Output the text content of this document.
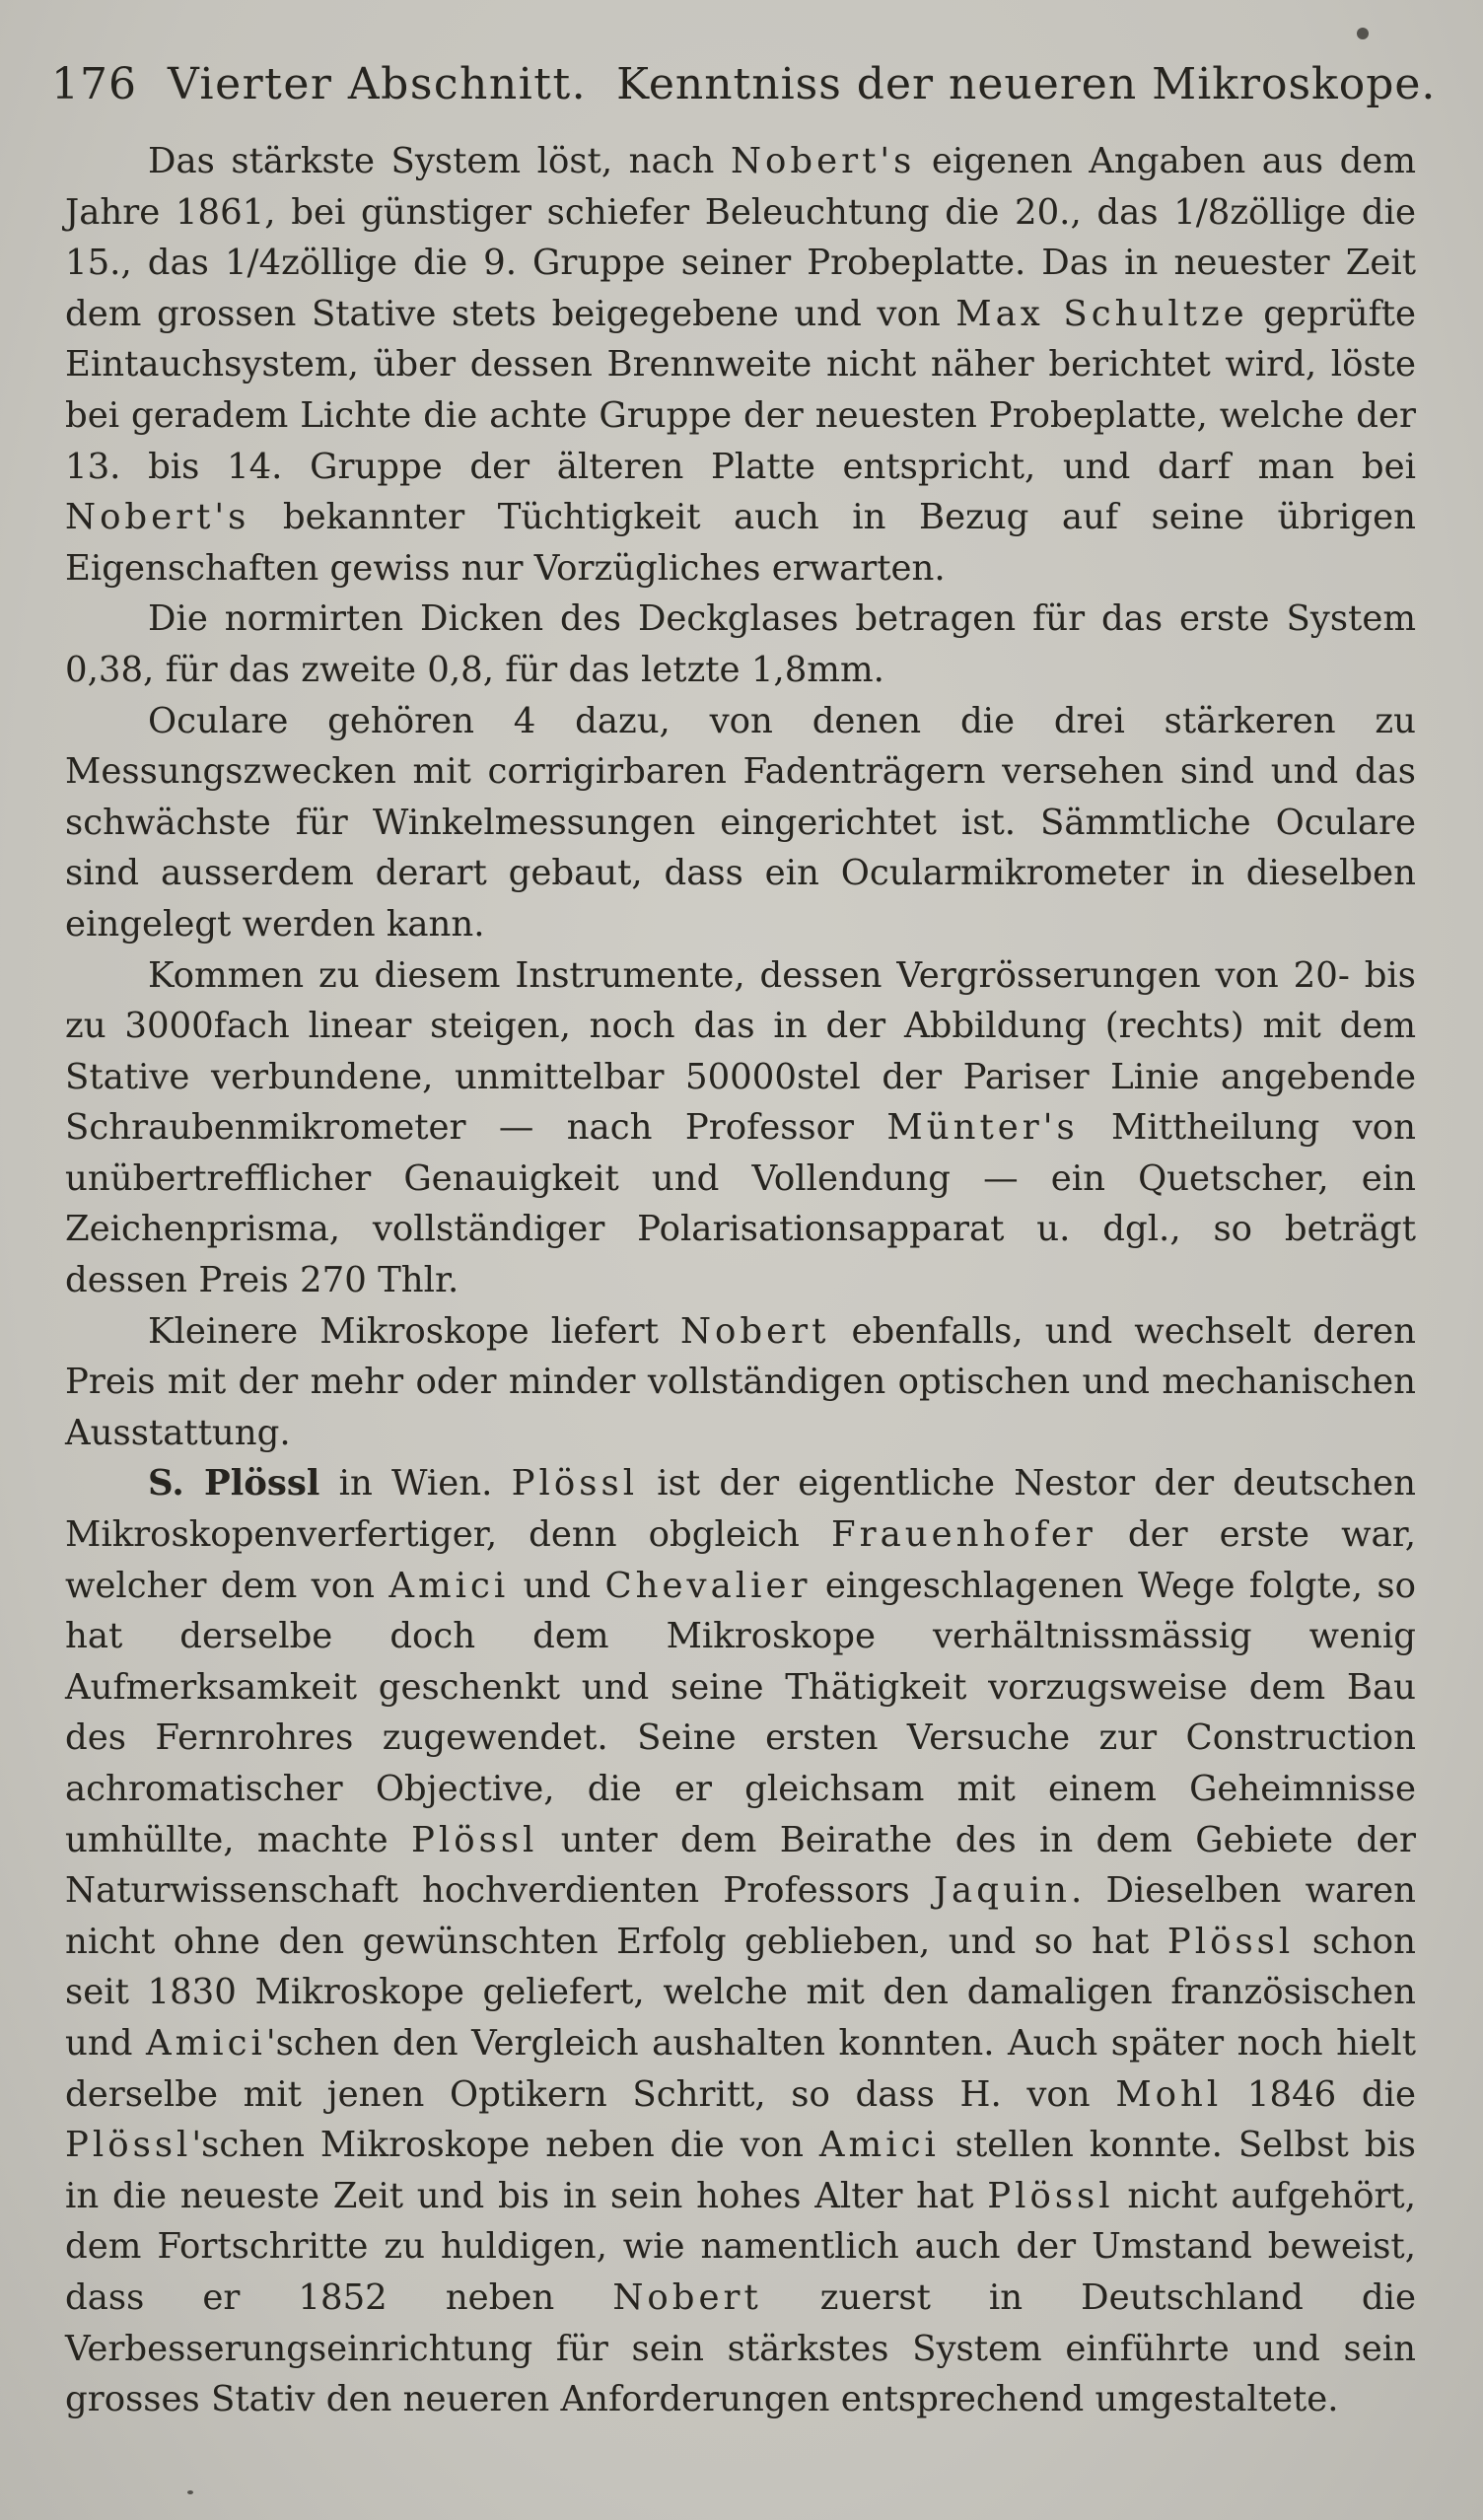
176 Vierter Abschnitt. Kenntniss der neueren Mikroskope.

Das stärkste System löst, nach Nobert's eigenen Angaben aus dem Jahre 1861, bei günstiger schiefer Beleuchtung die 20., das 1/8zöllige die 15., das 1/4zöllige die 9. Gruppe seiner Probeplatte. Das in neuester Zeit dem grossen Stative stets beigegebene und von Max Schultze geprüfte Eintauchsystem, über dessen Brennweite nicht näher berichtet wird, löste bei geradem Lichte die achte Gruppe der neuesten Probeplatte, welche der 13. bis 14. Gruppe der älteren Platte entspricht, und darf man bei Nobert's bekannter Tüchtigkeit auch in Bezug auf seine übrigen Eigenschaften gewiss nur Vorzügliches erwarten.

Die normirten Dicken des Deckglases betragen für das erste System 0,38, für das zweite 0,8, für das letzte 1,8mm.

Oculare gehören 4 dazu, von denen die drei stärkeren zu Messungszwecken mit corrigirbaren Fadenträgern versehen sind und das schwächste für Winkelmessungen eingerichtet ist. Sämmtliche Oculare sind ausserdem derart gebaut, dass ein Ocularmikrometer in dieselben eingelegt werden kann.

Kommen zu diesem Instrumente, dessen Vergrösserungen von 20- bis zu 3000fach linear steigen, noch das in der Abbildung (rechts) mit dem Stative verbundene, unmittelbar 50000stel der Pariser Linie angebende Schraubenmikrometer — nach Professor Münter's Mittheilung von unübertrefflicher Genauigkeit und Vollendung — ein Quetscher, ein Zeichenprisma, vollständiger Polarisationsapparat u. dgl., so beträgt dessen Preis 270 Thlr.

Kleinere Mikroskope liefert Nobert ebenfalls, und wechselt deren Preis mit der mehr oder minder vollständigen optischen und mechanischen Ausstattung.

S. Plössl in Wien. Plössl ist der eigentliche Nestor der deutschen Mikroskopenverfertiger, denn obgleich Frauenhofer der erste war, welcher dem von Amici und Chevalier eingeschlagenen Wege folgte, so hat derselbe doch dem Mikroskope verhältnissmässig wenig Aufmerksamkeit geschenkt und seine Thätigkeit vorzugsweise dem Bau des Fernrohres zugewendet. Seine ersten Versuche zur Construction achromatischer Objective, die er gleichsam mit einem Geheimnisse umhüllte, machte Plössl unter dem Beirathe des in dem Gebiete der Naturwissenschaft hochverdienten Professors Jaquin. Dieselben waren nicht ohne den gewünschten Erfolg geblieben, und so hat Plössl schon seit 1830 Mikroskope geliefert, welche mit den damaligen französischen und Amici'schen den Vergleich aushalten konnten. Auch später noch hielt derselbe mit jenen Optikern Schritt, so dass H. von Mohl 1846 die Plössl'schen Mikroskope neben die von Amici stellen konnte. Selbst bis in die neueste Zeit und bis in sein hohes Alter hat Plössl nicht aufgehört, dem Fortschritte zu huldigen, wie namentlich auch der Umstand beweist, dass er 1852 neben Nobert zuerst in Deutschland die Verbesserungseinrichtung für sein stärkstes System einführte und sein grosses Stativ den neueren Anforderungen entsprechend umgestaltete.
